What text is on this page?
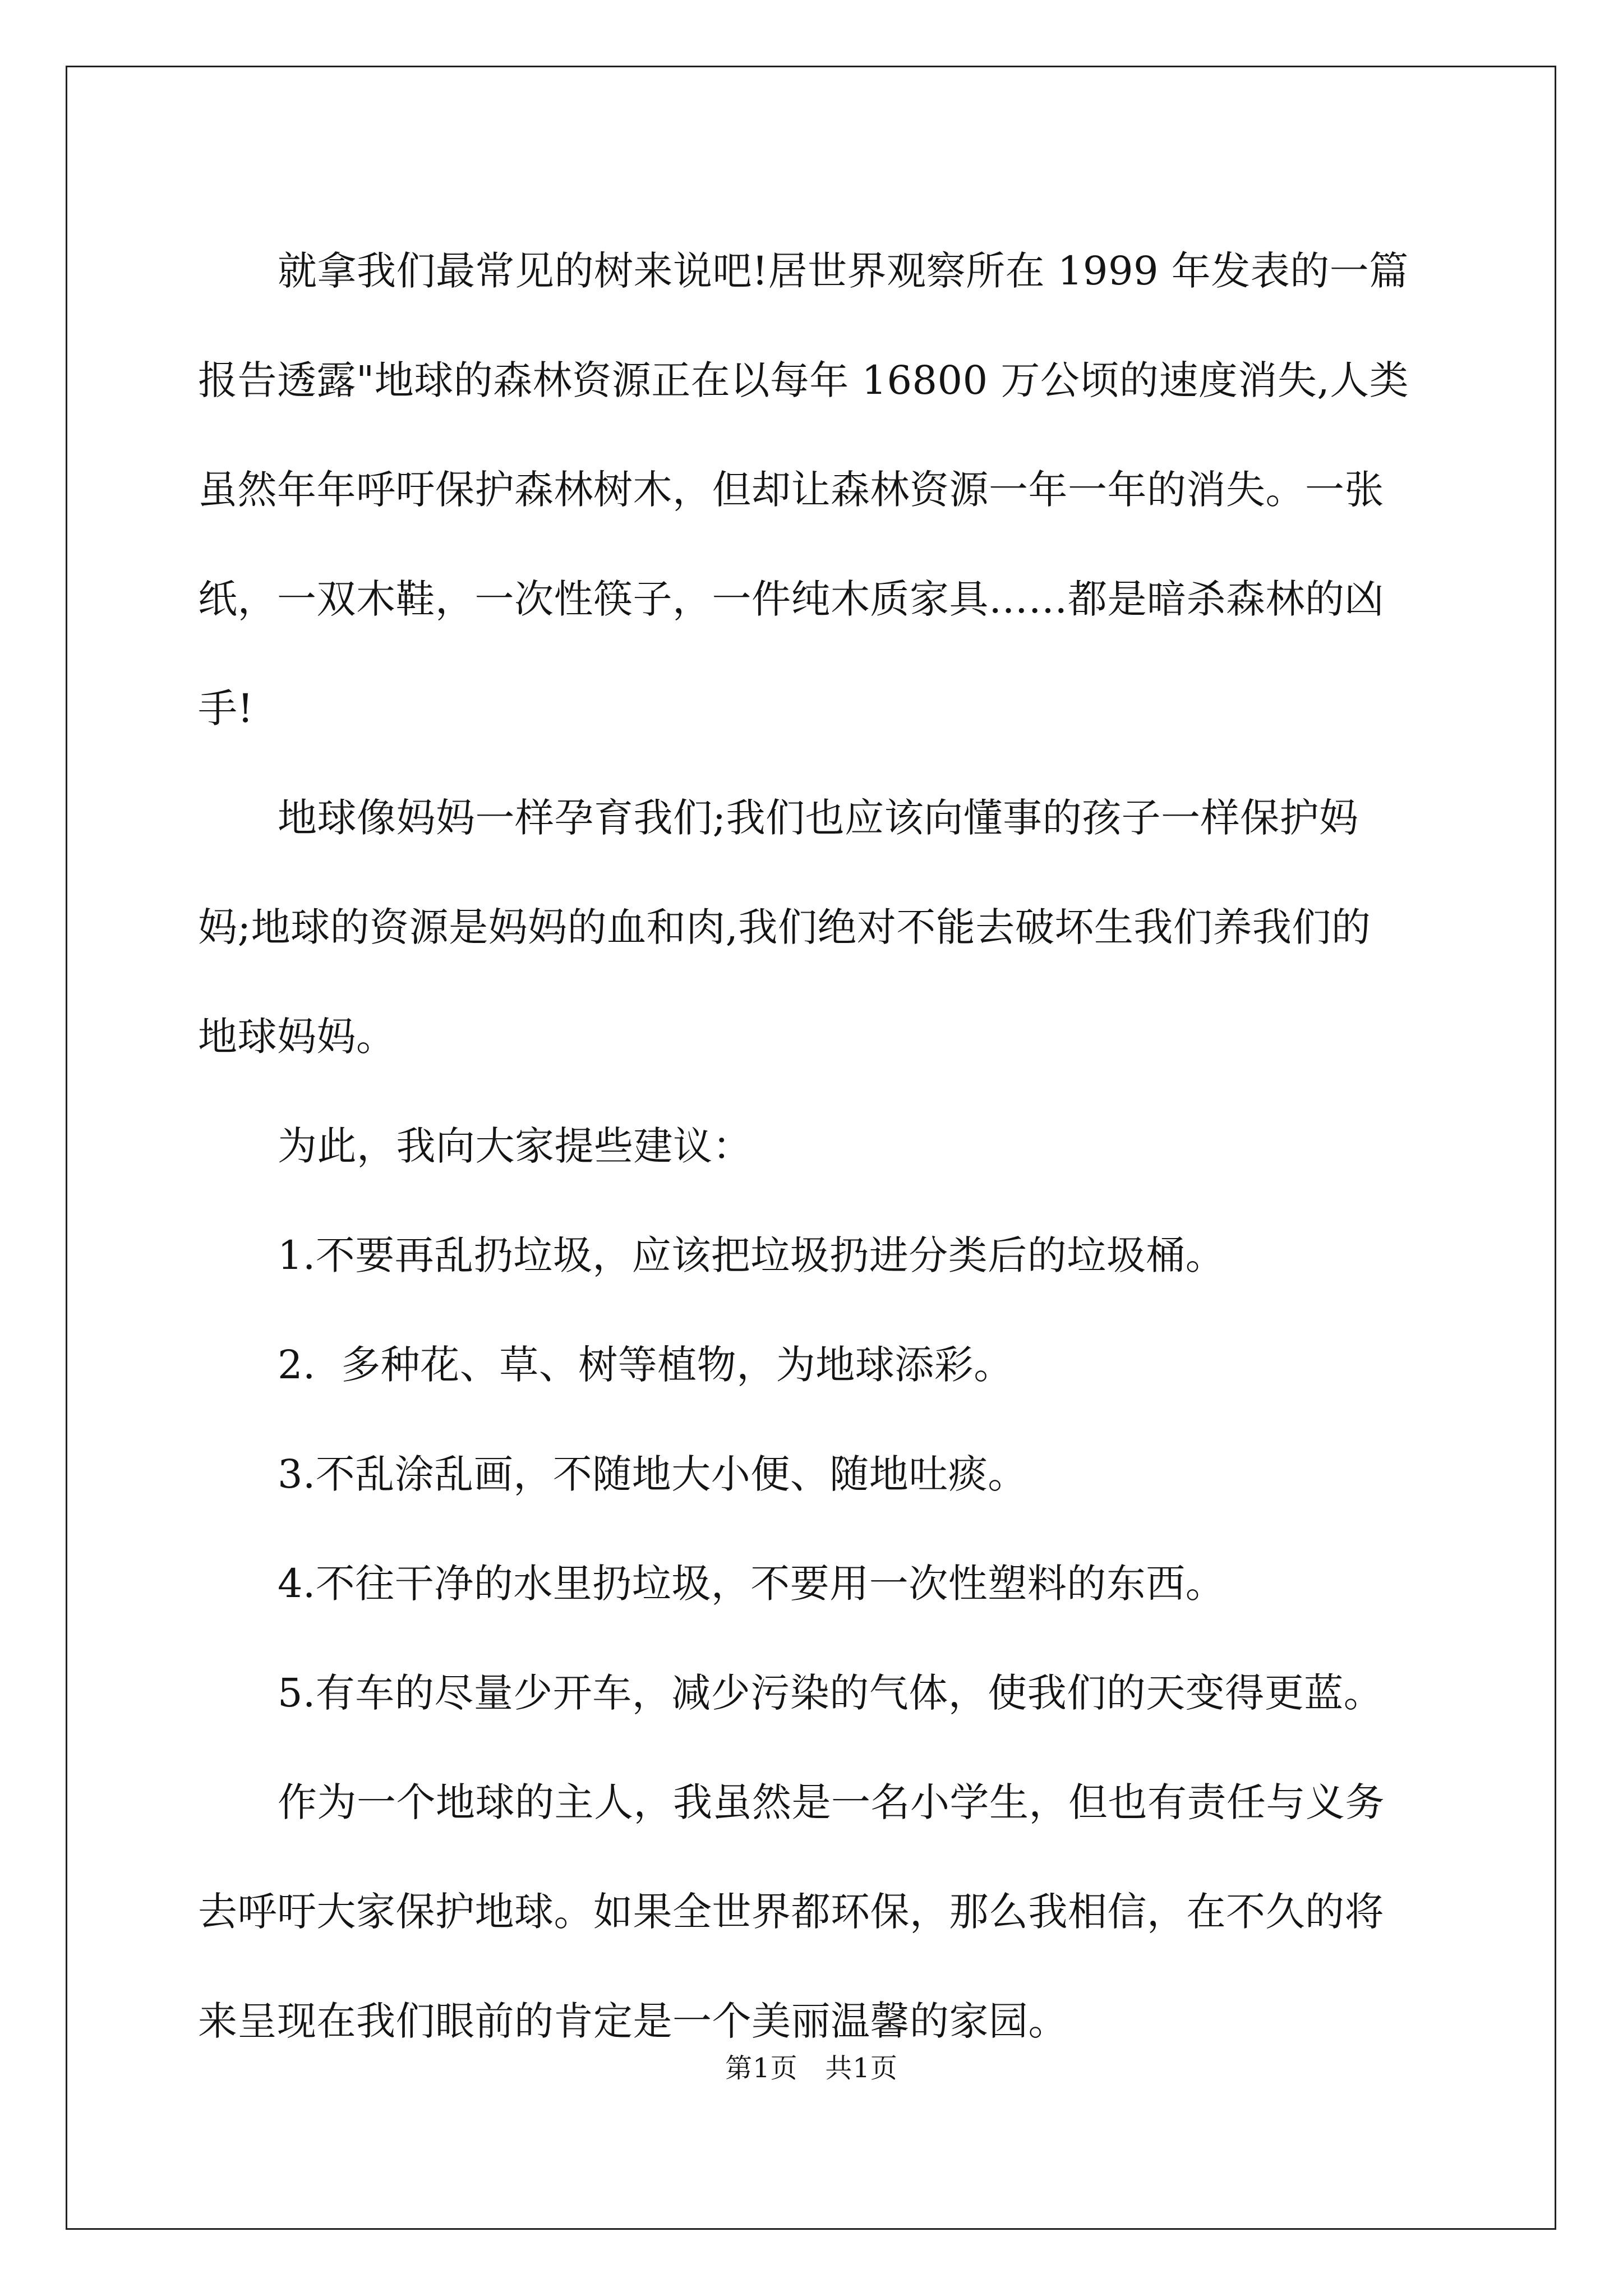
就拿我们最常见的树来说吧!居世界观察所在 1999 年发表的一篇
报告透露"地球的森林资源正在以每年 16800 万公顷的速度消失,人类
虽然年年呼吁保护森林树木，但却让森林资源一年一年的消失。一张
纸，一双木鞋，一次性筷子，一件纯木质家具……都是暗杀森林的凶
手!

地球像妈妈一样孕育我们;我们也应该向懂事的孩子一样保护妈
妈;地球的资源是妈妈的血和肉,我们绝对不能去破坏生我们养我们的
地球妈妈。

为此，我向大家提些建议：

1.不要再乱扔垃圾，应该把垃圾扔进分类后的垃圾桶。

2.  多种花、草、树等植物，为地球添彩。

3.不乱涂乱画，不随地大小便、随地吐痰。

4.不往干净的水里扔垃圾，不要用一次性塑料的东西。

5.有车的尽量少开车，减少污染的气体，使我们的天变得更蓝。

作为一个地球的主人，我虽然是一名小学生，但也有责任与义务
去呼吁大家保护地球。如果全世界都环保，那么我相信，在不久的将
来呈现在我们眼前的肯定是一个美丽温馨的家园。

第1页   共1页
